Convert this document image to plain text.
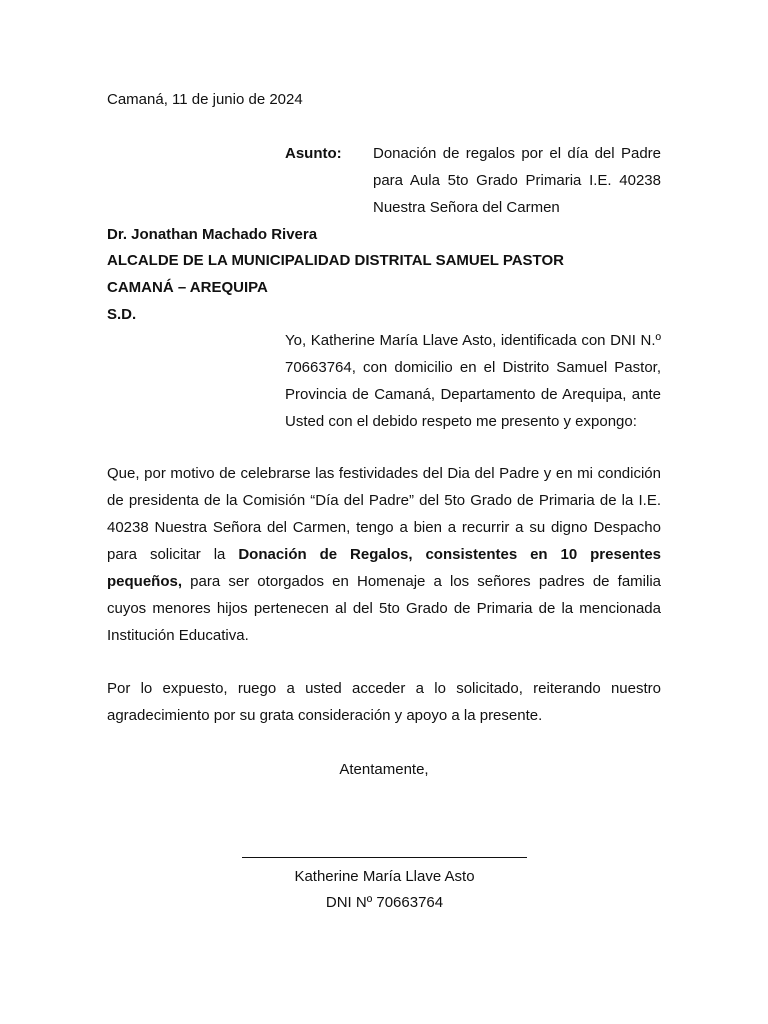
Camaná, 11 de junio de 2024
Asunto: Donación de regalos por el día del Padre
para Aula 5to Grado Primaria I.E. 40238
Nuestra Señora del Carmen
Dr. Jonathan Machado Rivera
ALCALDE DE LA MUNICIPALIDAD DISTRITAL SAMUEL PASTOR
CAMANÁ – AREQUIPA
S.D.
Yo, Katherine María Llave Asto, identificada con DNI N.º
70663764, con domicilio en el Distrito Samuel Pastor,
Provincia de Camaná, Departamento de Arequipa, ante
Usted con el debido respeto me presento y expongo:
Que, por motivo de celebrarse las festividades del Dia del Padre y en mi condición
de presidenta de la Comisión “Día del Padre” del 5to Grado de Primaria de la I.E.
40238 Nuestra Señora del Carmen, tengo a bien a recurrir a su digno Despacho
para solicitar la Donación de Regalos, consistentes en 10 presentes
pequeños, para ser otorgados en Homenaje a los señores padres de familia
cuyos menores hijos pertenecen al del 5to Grado de Primaria de la mencionada
Institución Educativa.
Por lo expuesto, ruego a usted acceder a lo solicitado, reiterando nuestro
agradecimiento por su grata consideración y apoyo a la presente.
Atentamente,
Katherine María Llave Asto
DNI Nº 70663764
